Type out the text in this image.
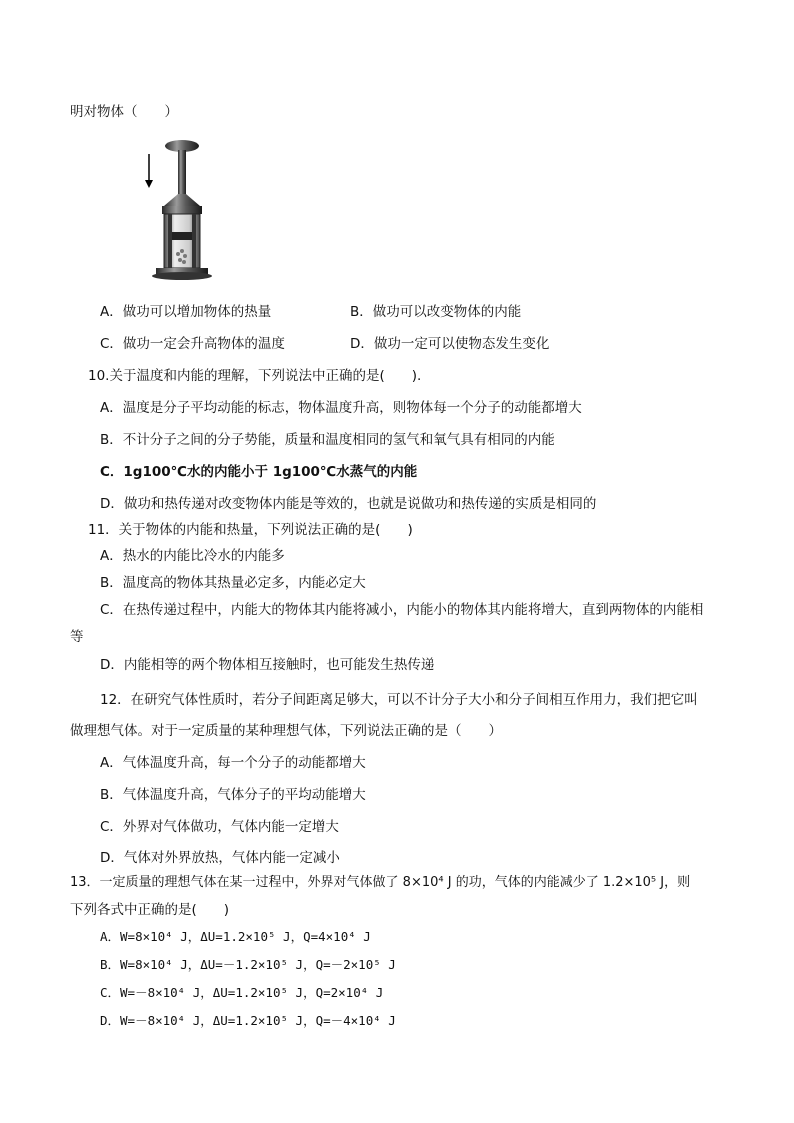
明对物体（　　）
A．做功可以增加物体的热量	B．做功可以改变物体的内能
C．做功一定会升高物体的温度	D．做功一定可以使物态发生变化
10.关于温度和内能的理解，下列说法中正确的是(　　).
A．温度是分子平均动能的标志，物体温度升高，则物体每一个分子的动能都增大
B．不计分子之间的分子势能，质量和温度相同的氢气和氧气具有相同的内能
C．1g100℃水的内能小于 1g100℃水蒸气的内能
D．做功和热传递对改变物体内能是等效的，也就是说做功和热传递的实质是相同的
11．关于物体的内能和热量，下列说法正确的是(　　)
A．热水的内能比冷水的内能多
B．温度高的物体其热量必定多，内能必定大
C．在热传递过程中，内能大的物体其内能将减小，内能小的物体其内能将增大，直到两物体的内能相
等
D．内能相等的两个物体相互接触时，也可能发生热传递
12．在研究气体性质时，若分子间距离足够大，可以不计分子大小和分子间相互作用力，我们把它叫
做理想气体。对于一定质量的某种理想气体，下列说法正确的是（　　）
A．气体温度升高，每一个分子的动能都增大
B．气体温度升高，气体分子的平均动能增大
C．外界对气体做功，气体内能一定增大
D．气体对外界放热，气体内能一定减小
13．一定质量的理想气体在某一过程中，外界对气体做了 8×10⁴ J 的功，气体的内能减少了 1.2×10⁵ J，则
下列各式中正确的是(　　)
A．W=8×10⁴ J，ΔU=1.2×10⁵ J，Q=4×10⁴ J
B．W=8×10⁴ J，ΔU=－1.2×10⁵ J，Q=－2×10⁵ J
C．W=－8×10⁴ J，ΔU=1.2×10⁵ J，Q=2×10⁴ J
D．W=－8×10⁴ J，ΔU=1.2×10⁵ J，Q=－4×10⁴ J
